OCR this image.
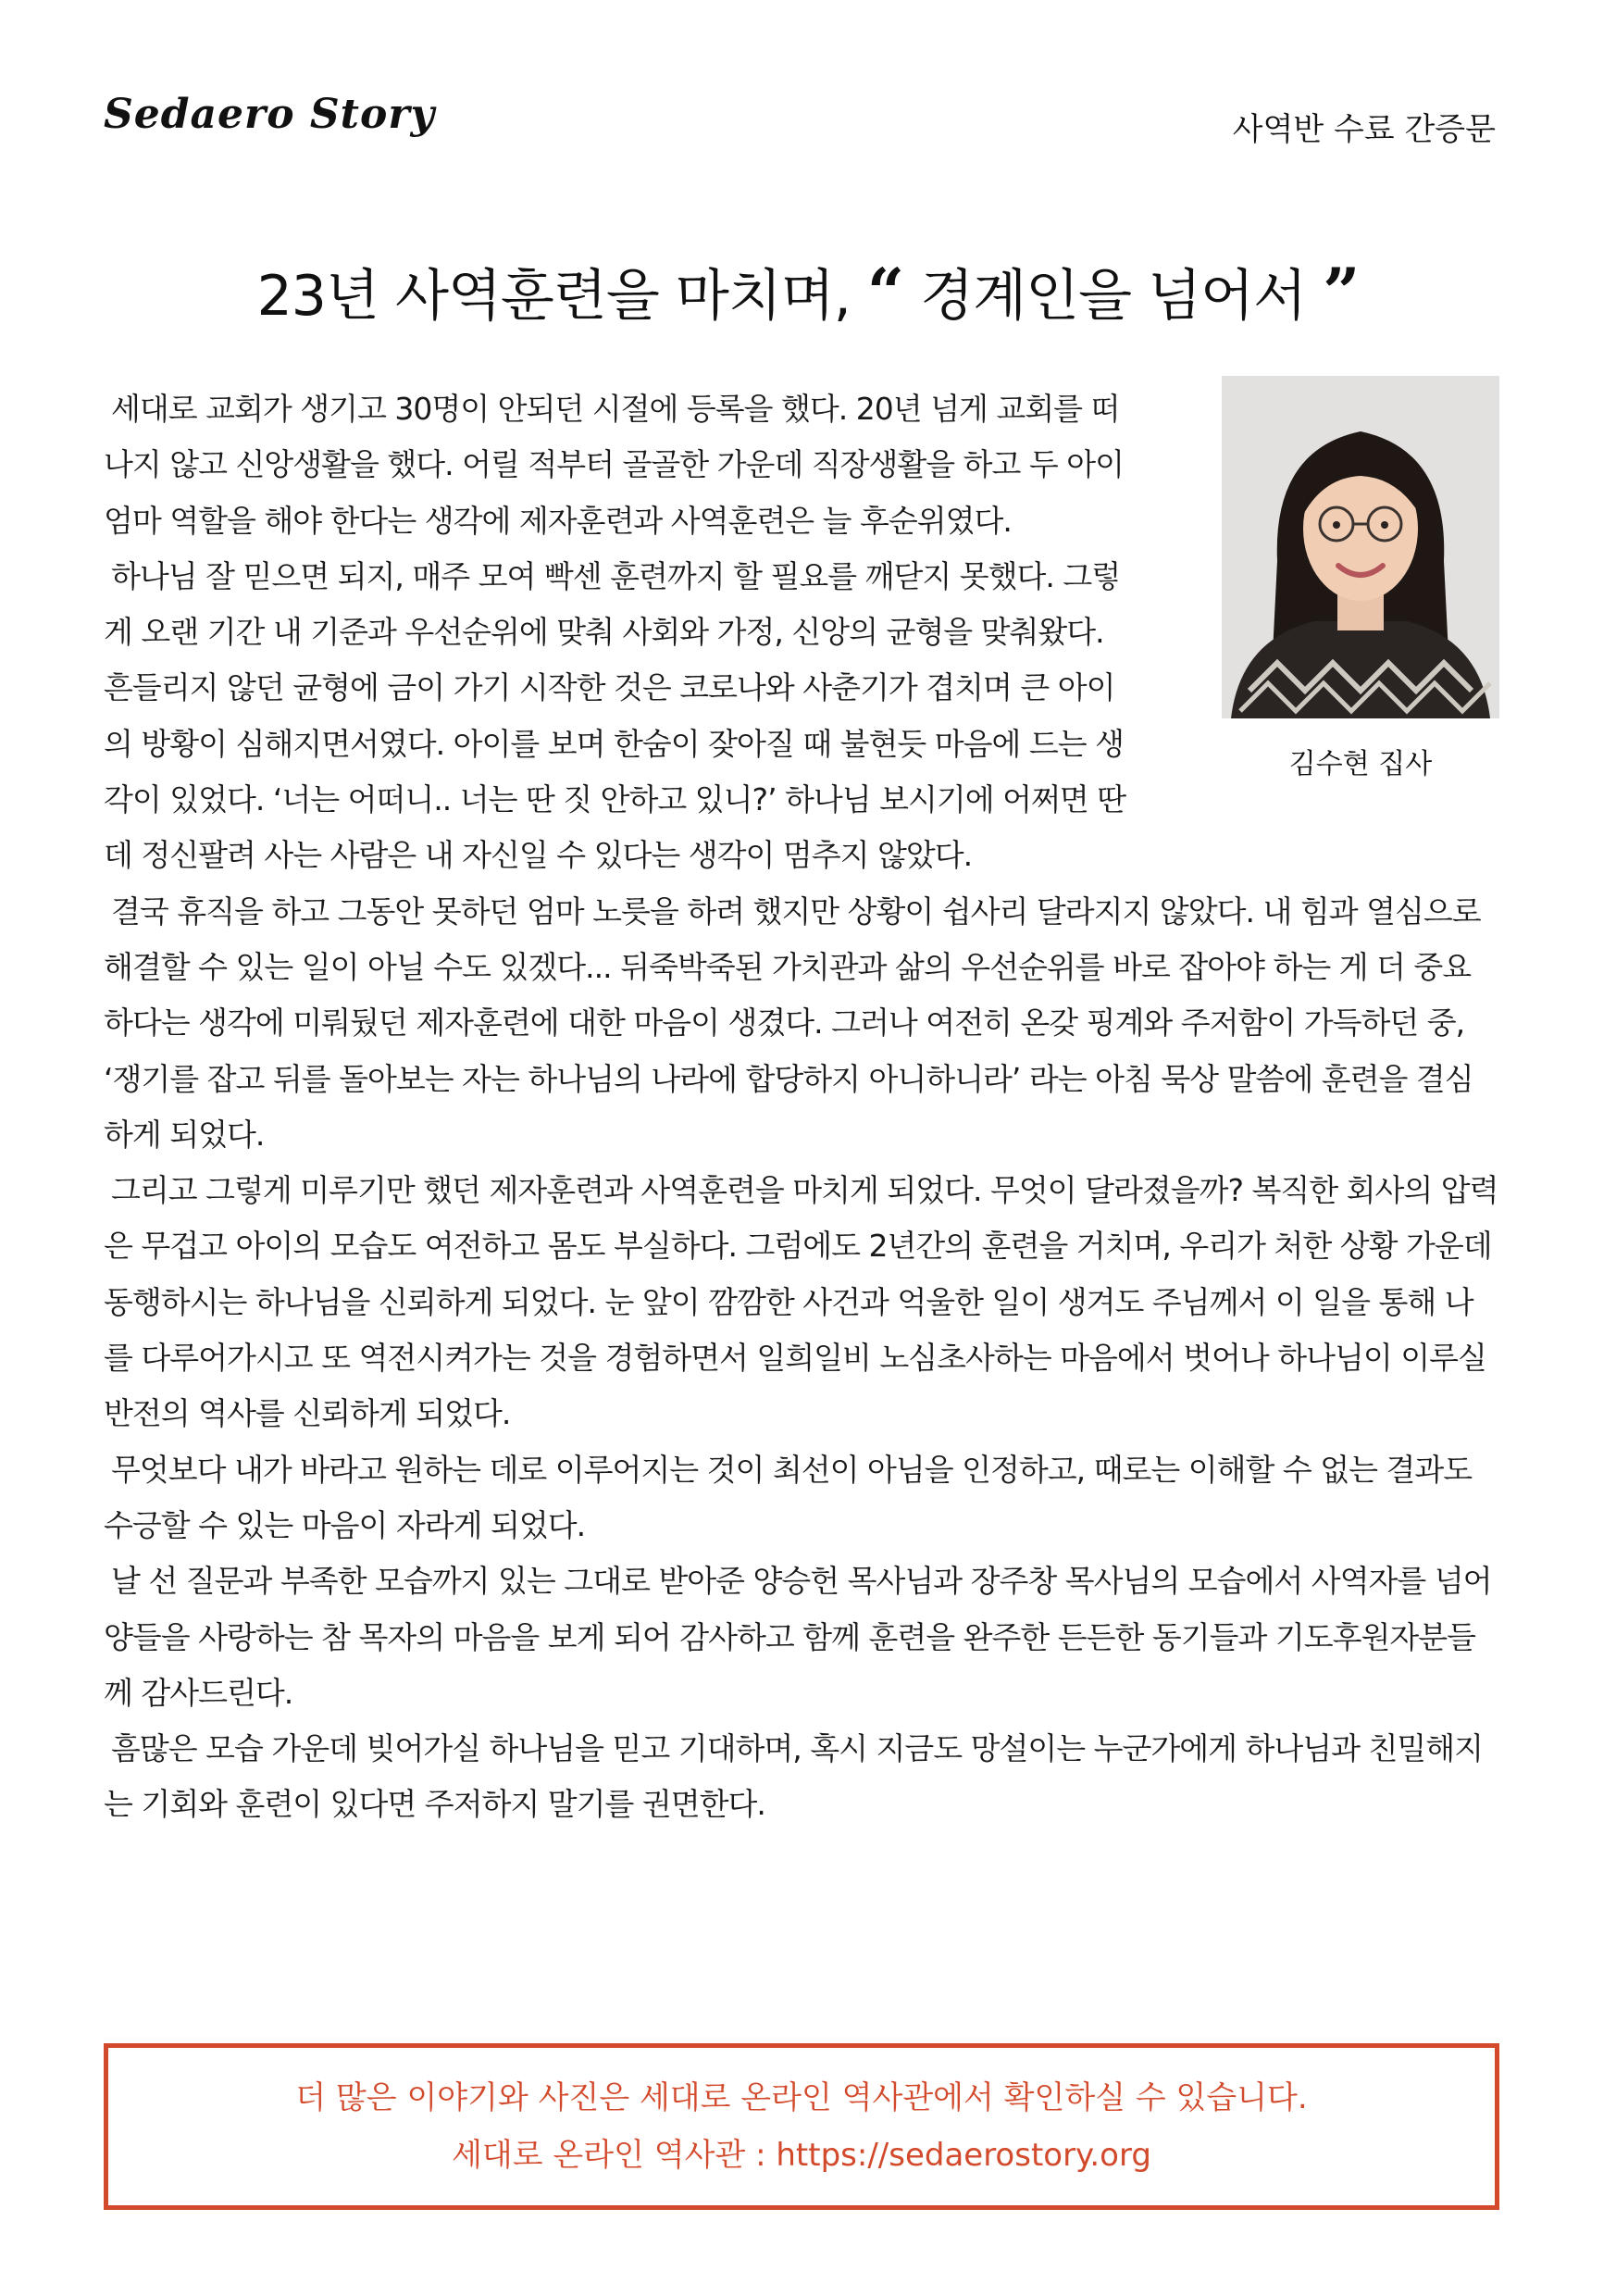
Sedaero Story	사역반 수료 간증문
23년 사역훈련을 마치며, “ 경계인을 넘어서 ”
김수현 집사

세대로 교회가 생기고 30명이 안되던 시절에 등록을 했다. 20년 넘게 교회를 떠나지 않고 신앙생활을 했다. 어릴 적부터 골골한 가운데 직장생활을 하고 두 아이 엄마 역할을 해야 한다는 생각에 제자훈련과 사역훈련은 늘 후순위였다.

하나님 잘 믿으면 되지, 매주 모여 빡센 훈련까지 할 필요를 깨닫지 못했다. 그렇게 오랜 기간 내 기준과 우선순위에 맞춰 사회와 가정, 신앙의 균형을 맞춰왔다. 흔들리지 않던 균형에 금이 가기 시작한 것은 코로나와 사춘기가 겹치며 큰 아이의 방황이 심해지면서였다. 아이를 보며 한숨이 잦아질 때 불현듯 마음에 드는 생각이 있었다. ‘너는 어떠니.. 너는 딴 짓 안하고 있니?’ 하나님 보시기에 어쩌면 딴 데 정신팔려 사는 사람은 내 자신일 수 있다는 생각이 멈추지 않았다.

결국 휴직을 하고 그동안 못하던 엄마 노릇을 하려 했지만 상황이 쉽사리 달라지지 않았다. 내 힘과 열심으로 해결할 수 있는 일이 아닐 수도 있겠다... 뒤죽박죽된 가치관과 삶의 우선순위를 바로 잡아야 하는 게 더 중요하다는 생각에 미뤄뒀던 제자훈련에 대한 마음이 생겼다. 그러나 여전히 온갖 핑계와 주저함이 가득하던 중, ‘쟁기를 잡고 뒤를 돌아보는 자는 하나님의 나라에 합당하지 아니하니라’ 라는 아침 묵상 말씀에 훈련을 결심하게 되었다.

그리고 그렇게 미루기만 했던 제자훈련과 사역훈련을 마치게 되었다. 무엇이 달라졌을까? 복직한 회사의 압력은 무겁고 아이의 모습도 여전하고 몸도 부실하다. 그럼에도 2년간의 훈련을 거치며, 우리가 처한 상황 가운데 동행하시는 하나님을 신뢰하게 되었다. 눈 앞이 깜깜한 사건과 억울한 일이 생겨도 주님께서 이 일을 통해 나를 다루어가시고 또 역전시켜가는 것을 경험하면서 일희일비 노심초사하는 마음에서 벗어나 하나님이 이루실 반전의 역사를 신뢰하게 되었다.

무엇보다 내가 바라고 원하는 데로 이루어지는 것이 최선이 아님을 인정하고, 때로는 이해할 수 없는 결과도 수긍할 수 있는 마음이 자라게 되었다.

날 선 질문과 부족한 모습까지 있는 그대로 받아준 양승헌 목사님과 장주창 목사님의 모습에서 사역자를 넘어 양들을 사랑하는 참 목자의 마음을 보게 되어 감사하고 함께 훈련을 완주한 든든한 동기들과 기도후원자분들께 감사드린다.

흠많은 모습 가운데 빚어가실 하나님을 믿고 기대하며, 혹시 지금도 망설이는 누군가에게 하나님과 친밀해지는 기회와 훈련이 있다면 주저하지 말기를 권면한다.

더 많은 이야기와 사진은 세대로 온라인 역사관에서 확인하실 수 있습니다.
세대로 온라인 역사관 : https://sedaerostory.org
